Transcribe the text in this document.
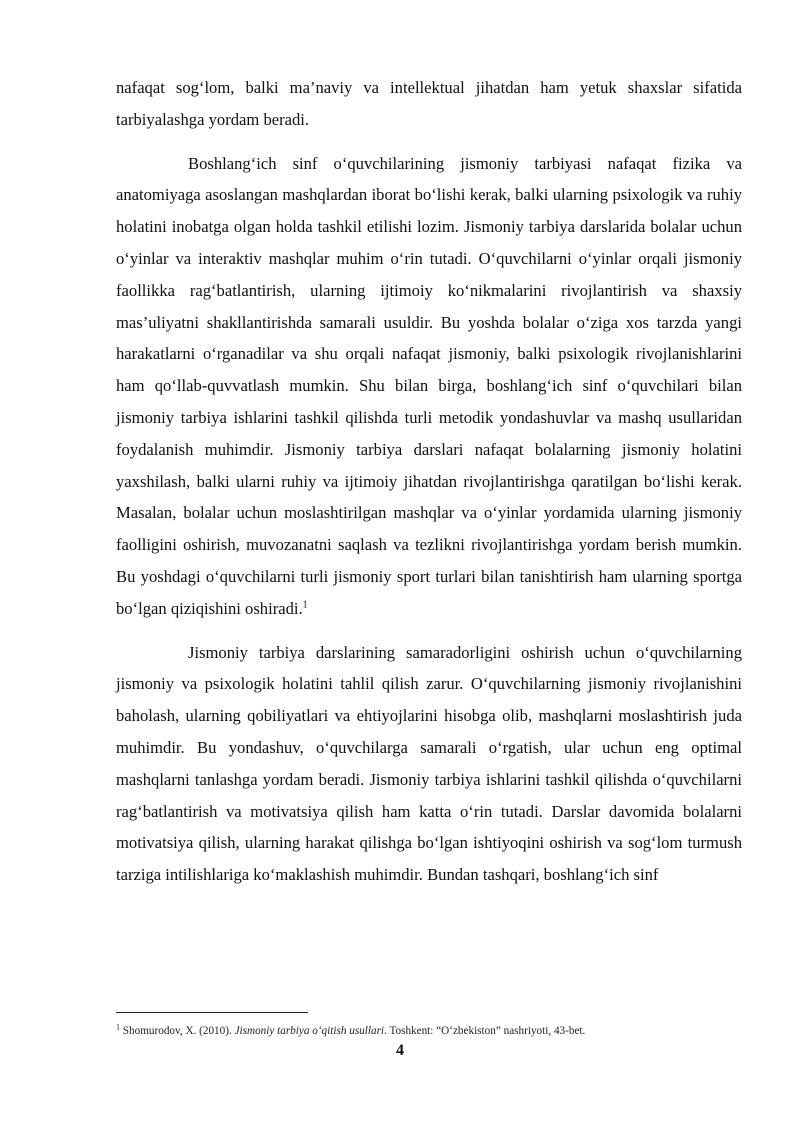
nafaqat sog‘lom, balki ma’naviy va intellektual jihatdan ham yetuk shaxslar sifatida tarbiyalashga yordam beradi.

Boshlang‘ich sinf o‘quvchilarining jismoniy tarbiyasi nafaqat fizika va anatomiyaga asoslangan mashqlardan iborat bo‘lishi kerak, balki ularning psixologik va ruhiy holatini inobatga olgan holda tashkil etilishi lozim. Jismoniy tarbiya darslarida bolalar uchun o‘yinlar va interaktiv mashqlar muhim o‘rin tutadi. O‘quvchilarni o‘yinlar orqali jismoniy faollikka rag‘batlantirish, ularning ijtimoiy ko‘nikmalarini rivojlantirish va shaxsiy mas’uliyatni shakllantirishda samarali usuldir. Bu yoshda bolalar o‘ziga xos tarzda yangi harakatlarni o‘rganadilar va shu orqali nafaqat jismoniy, balki psixologik rivojlanishlarini ham qo‘llab-quvvatlash mumkin. Shu bilan birga, boshlang‘ich sinf o‘quvchilari bilan jismoniy tarbiya ishlarini tashkil qilishda turli metodik yondashuvlar va mashq usullaridan foydalanish muhimdir. Jismoniy tarbiya darslari nafaqat bolalarning jismoniy holatini yaxshilash, balki ularni ruhiy va ijtimoiy jihatdan rivojlantirishga qaratilgan bo‘lishi kerak. Masalan, bolalar uchun moslashtirilgan mashqlar va o‘yinlar yordamida ularning jismoniy faolligini oshirish, muvozanatni saqlash va tezlikni rivojlantirishga yordam berish mumkin. Bu yoshdagi o‘quvchilarni turli jismoniy sport turlari bilan tanishtirish ham ularning sportga bo‘lgan qiziqishini oshiradi.$^1$

Jismoniy tarbiya darslarining samaradorligini oshirish uchun o‘quvchilarning jismoniy va psixologik holatini tahlil qilish zarur. O‘quvchilarning jismoniy rivojlanishini baholash, ularning qobiliyatlari va ehtiyojlarini hisobga olib, mashqlarni moslashtirish juda muhimdir. Bu yondashuv, o‘quvchilarga samarali o‘rgatish, ular uchun eng optimal mashqlarni tanlashga yordam beradi. Jismoniy tarbiya ishlarini tashkil qilishda o‘quvchilarni rag‘batlantirish va motivatsiya qilish ham katta o‘rin tutadi. Darslar davomida bolalarni motivatsiya qilish, ularning harakat qilishga bo‘lgan ishtiyoqini oshirish va sog‘lom turmush tarziga intilishlariga ko‘maklashish muhimdir. Bundan tashqari, boshlang‘ich sinf

$^1$ Shomurodov, X. (2010). Jismoniy tarbiya o‘qitish usullari. Toshkent: “O‘zbekiston” nashriyoti, 43-bet.
4
